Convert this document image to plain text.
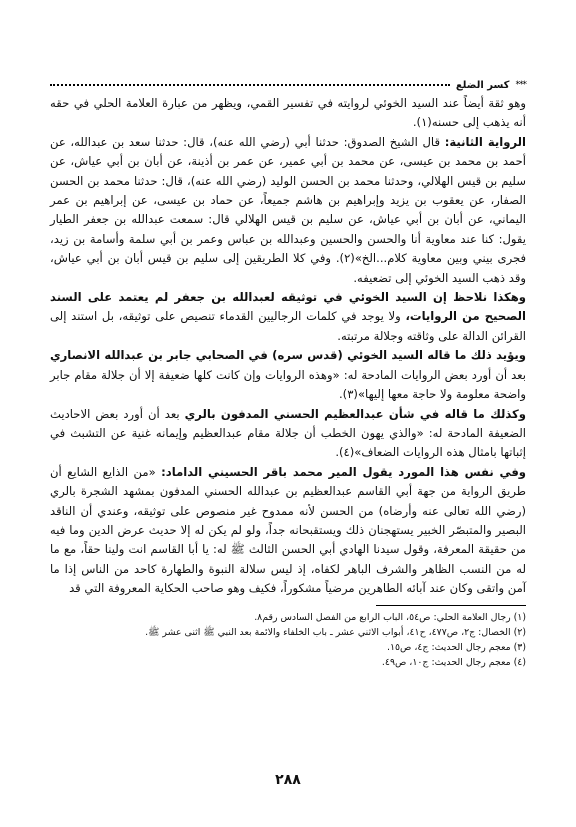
***
كسر الضلع

وهو ثقة أيضاً عند السيد الخوئي لروايته في تفسير القمي، ويظهر من عبارة العلامة الحلي في حقه أنه يذهب إلى حسنه(١).

الرواية الثانية: قال الشيخ الصدوق: حدثنا أبي (رضي الله عنه)، قال: حدثنا سعد بن عبدالله، عن أحمد بن محمد بن عيسى، عن محمد بن أبي عمير، عن عمر بن أذينة، عن أبان بن أبي عياش، عن سليم بن قيس الهلالي، وحدثنا محمد بن الحسن الوليد (رضي الله عنه)، قال: حدثنا محمد بن الحسن الصفار، عن يعقوب بن يزيد وإبراهيم بن هاشم جميعاً، عن حماد بن عيسى، عن إبراهيم بن عمر اليماني، عن أبان بن أبي عياش، عن سليم بن قيس الهلالي قال: سمعت عبدالله بن جعفر الطيار يقول: كنا عند معاوية أنا والحسن والحسين وعبدالله بن عباس وعمر بن أبي سلمة وأسامة بن زيد، فجرى بيني وبين معاوية كلام...الخ»(٢). وفي كلا الطريقين إلى سليم بن قيس أبان بن أبي عياش، وقد ذهب السيد الخوئي إلى تضعيفه.

وهكذا نلاحظ إن السيد الخوئي في توثيقه لعبدالله بن جعفر لم يعتمد على السند الصحيح من الروايات، ولا يوجد في كلمات الرجاليين القدماء تنصيص على توثيقه، بل استند إلى القرائن الدالة على وثاقته وجلالة مرتبته.

ويؤيد ذلك ما قاله السيد الخوئي (قدس سره) في الصحابي جابر بن عبدالله الانصاري بعد أن أورد بعض الروايات المادحة له: «وهذه الروايات وإن كانت كلها ضعيفة إلا أن جلالة مقام جابر واضحة معلومة ولا حاجة معها إليها»(٣).

وكذلك ما قاله في شأن عبدالعظيم الحسني المدفون بالري بعد أن أورد بعض الاحاديث الضعيفة المادحة له: «والذي يهون الخطب أن جلالة مقام عبدالعظيم وإيمانه غنية عن التشبث في إثباتها بامثال هذه الروايات الضعاف»(٤).

وفي نفس هذا المورد يقول المير محمد باقر الحسيني الداماد: «من الذايع الشايع أن طريق الرواية من جهة أبي القاسم عبدالعظيم بن عبدالله الحسني المدفون بمشهد الشجرة بالري (رضي الله تعالى عنه وأرضاه) من الحسن لأنه ممدوح غير منصوص على توثيقه، وعندي أن الناقد البصير والمتبصّر الخبير يستهجنان ذلك ويستقبحانه جداً، ولو لم يكن له إلا حديث عرض الدين وما فيه من حقيقة المعرفة، وقول سيدنا الهادي أبي الحسن الثالث ﷺ له: يا أبا القاسم انت ولينا حقاً، مع ما له من النسب الظاهر والشرف الباهر لكفاه، إذ ليس سلالة النبوة والطهارة كاحد من الناس إذا ما آمن واتقى وكان عند آبائه الطاهرين مرضياً مشكوراً، فكيف وهو صاحب الحكاية المعروفة التي قد

(١) رجال العلامة الحلي: ص٥٤، الباب الرابع من الفصل السادس رقم٨.

(٢) الخصال: ج٢، ص٤٧٧، ح٤١، أبواب الاثني عشر ـ باب الخلفاء والائمة بعد النبي ﷺ اثنى عشر ﷺ.

(٣) معجم رجال الحديث: ج٤، ص١٥.

(٤) معجم رجال الحديث: ج١٠، ص٤٩.

٢٨٨
